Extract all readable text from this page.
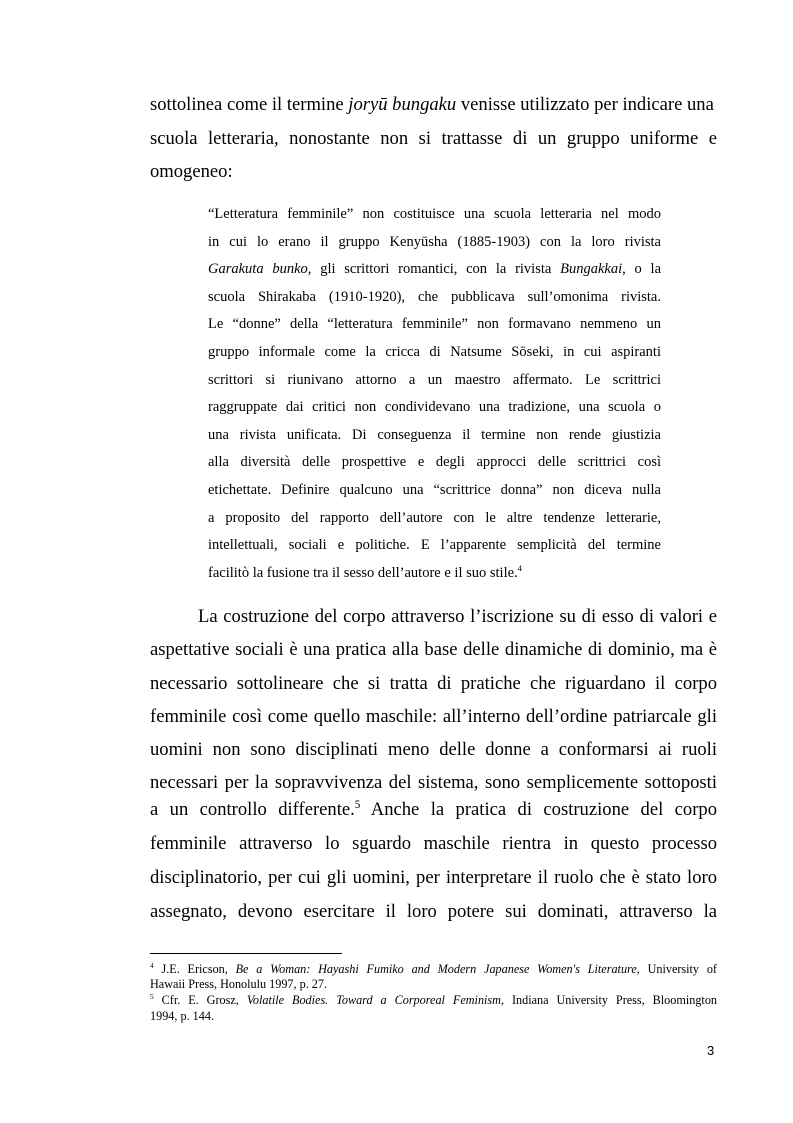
sottolinea come il termine joryū bungaku venisse utilizzato per indicare una
scuola letteraria, nonostante non si trattasse di un gruppo uniforme e
omogeneo:
“Letteratura femminile” non costituisce una scuola letteraria nel modo
in cui lo erano il gruppo Kenyūsha (1885-1903) con la loro rivista
Garakuta bunko, gli scrittori romantici, con la rivista Bungakkai, o la
scuola Shirakaba (1910-1920), che pubblicava sull’omonima rivista.
Le “donne” della “letteratura femminile” non formavano nemmeno un
gruppo informale come la cricca di Natsume Sōseki, in cui aspiranti
scrittori si riunivano attorno a un maestro affermato. Le scrittrici
raggruppate dai critici non condividevano una tradizione, una scuola o
una rivista unificata. Di conseguenza il termine non rende giustizia
alla diversità delle prospettive e degli approcci delle scrittrici così
etichettate. Definire qualcuno una “scrittrice donna” non diceva nulla
a proposito del rapporto dell’autore con le altre tendenze letterarie,
intellettuali, sociali e politiche. E l’apparente semplicità del termine
facilitò la fusione tra il sesso dell’autore e il suo stile.$^4$
La costruzione del corpo attraverso l’iscrizione su di esso di valori e
aspettative sociali è una pratica alla base delle dinamiche di dominio, ma è
necessario sottolineare che si tratta di pratiche che riguardano il corpo
femminile così come quello maschile: all’interno dell’ordine patriarcale gli
uomini non sono disciplinati meno delle donne a conformarsi ai ruoli
necessari per la sopravvivenza del sistema, sono semplicemente sottoposti
a un controllo differente.$^5$ Anche la pratica di costruzione del corpo
femminile attraverso lo sguardo maschile rientra in questo processo
disciplinatorio, per cui gli uomini, per interpretare il ruolo che è stato loro
assegnato, devono esercitare il loro potere sui dominati, attraverso la
$^4$ J.E. Ericson, Be a Woman: Hayashi Fumiko and Modern Japanese Women's Literature, University of
Hawaii Press, Honolulu 1997, p. 27.
$^5$ Cfr. E. Grosz, Volatile Bodies. Toward a Corporeal Feminism, Indiana University Press, Bloomington
1994, p. 144.
3
